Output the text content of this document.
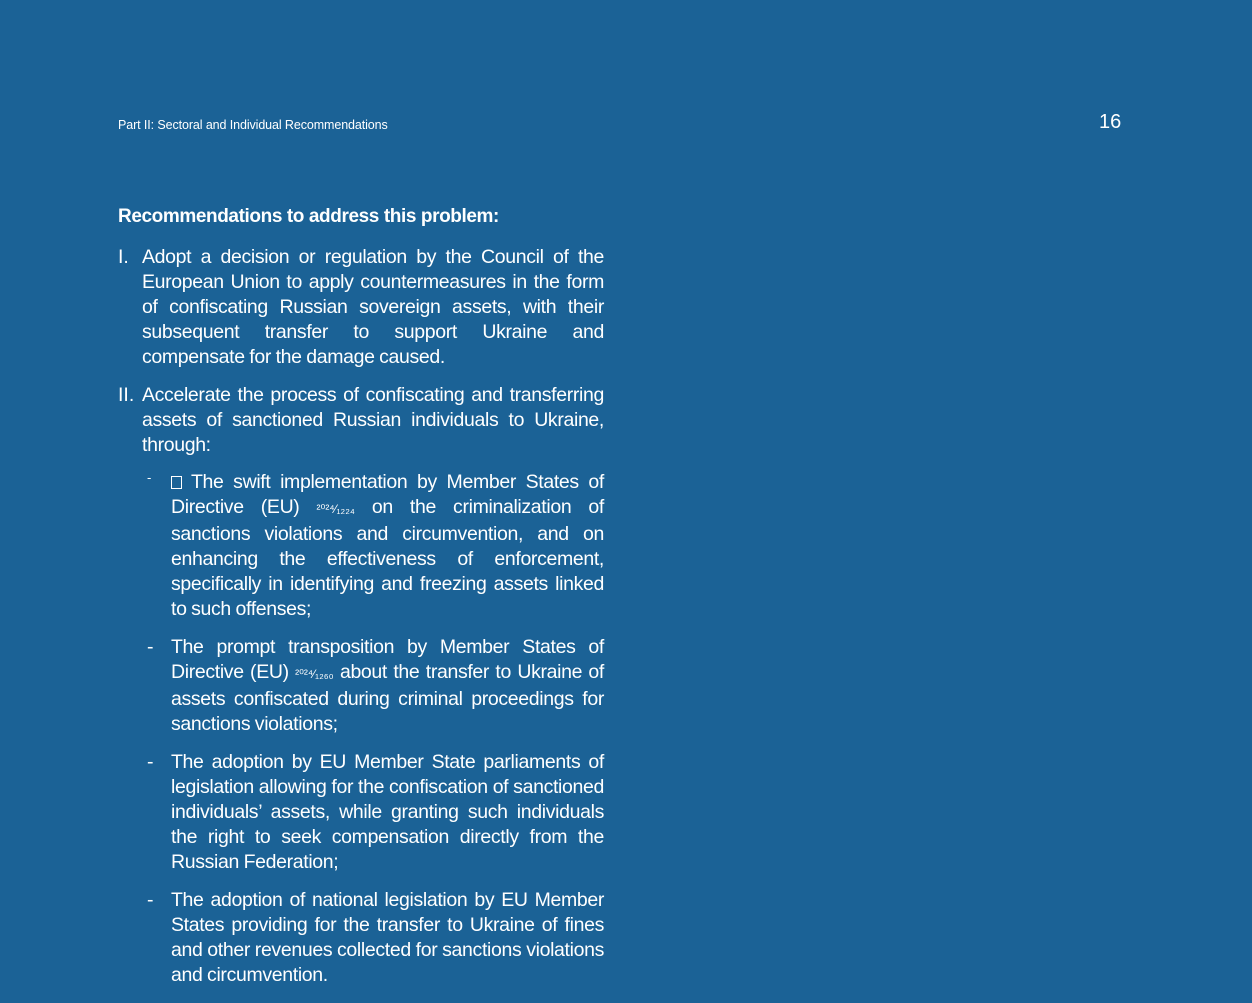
Part II: Sectoral and Individual Recommendations	16
Recommendations to address this problem:
I. Adopt a decision or regulation by the Council of the European Union to apply countermeasures in the form of confiscating Russian sovereign assets, with their subsequent transfer to support Ukraine and compensate for the damage caused.
II. Accelerate the process of confiscating and transferring assets of sanctioned Russian individuals to Ukraine, through:
-	The swift implementation by Member States of Directive (EU) ²⁰²⁴⁄₁₂₂₄ on the criminalization of sanctions violations and circumvention, and on enhancing the effectiveness of enforcement, specifically in identifying and freezing assets linked to such offenses;
- The prompt transposition by Member States of Directive (EU) ²⁰²⁴⁄₁₂₆₀ about the transfer to Ukraine of assets confiscated during criminal proceedings for sanctions violations;
- The adoption by EU Member State parliaments of legislation allowing for the confiscation of sanctioned individuals’ assets, while granting such individuals the right to seek compensation directly from the Russian Federation;
- The adoption of national legislation by EU Member States providing for the transfer to Ukraine of fines and other revenues collected for sanctions violations and circumvention.
